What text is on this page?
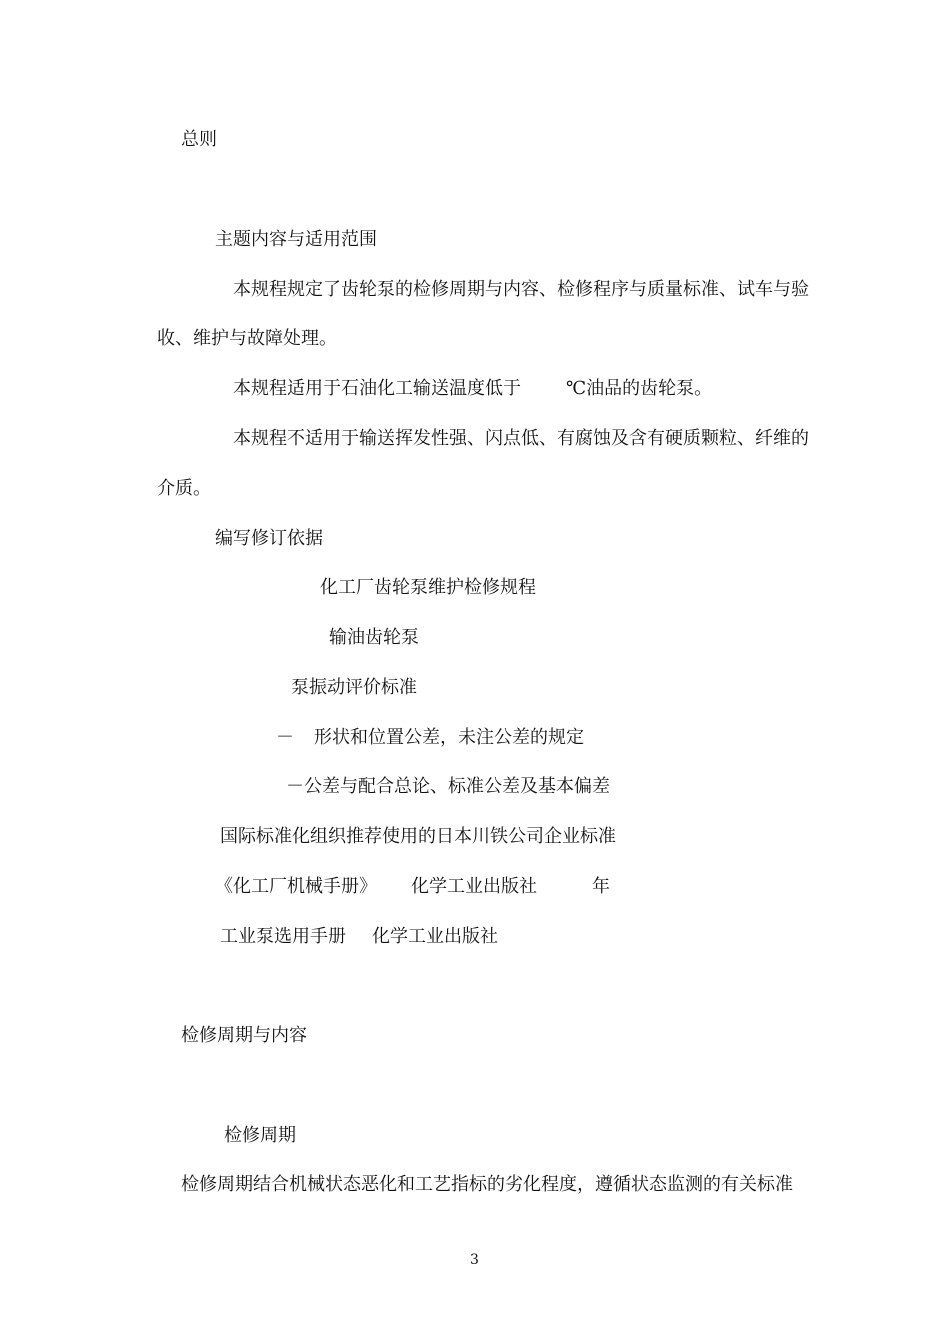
总则
主题内容与适用范围
本规程规定了齿轮泵的检修周期与内容、检修程序与质量标准、试车与验
收、维护与故障处理。
本规程适用于石油化工输送温度低于	℃油品的齿轮泵。
本规程不适用于输送挥发性强、闪点低、有腐蚀及含有硬质颗粒、纤维的
介质。
编写修订依据
化工厂齿轮泵维护检修规程
输油齿轮泵
泵振动评价标准
－ 形状和位置公差，未注公差的规定
－公差与配合总论、标准公差及基本偏差
国际标准化组织推荐使用的日本川铁公司企业标准
《化工厂机械手册》 化学工业出版社	年
工业泵选用手册 化学工业出版社
检修周期与内容
检修周期
检修周期结合机械状态恶化和工艺指标的劣化程度，遵循状态监测的有关标准
3
